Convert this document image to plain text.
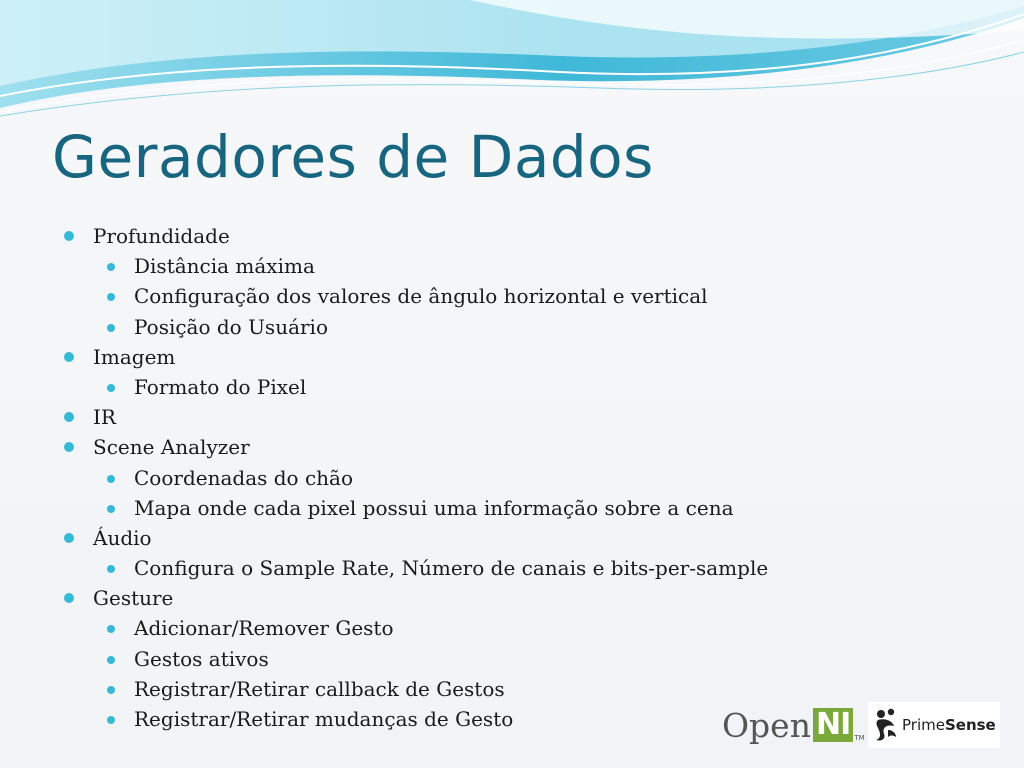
Geradores de Dados
Profundidade
Distância máxima
Configuração dos valores de ângulo horizontal e vertical
Posição do Usuário
Imagem
Formato do Pixel
IR
Scene Analyzer
Coordenadas do chão
Mapa onde cada pixel possui uma informação sobre a cena
Áudio
Configura o Sample Rate, Número de canais e bits-per-sample
Gesture
Adicionar/Remover Gesto
Gestos ativos
Registrar/Retirar callback de Gestos
Registrar/Retirar mudanças de Gesto	Open NI TM
PrimeSense
